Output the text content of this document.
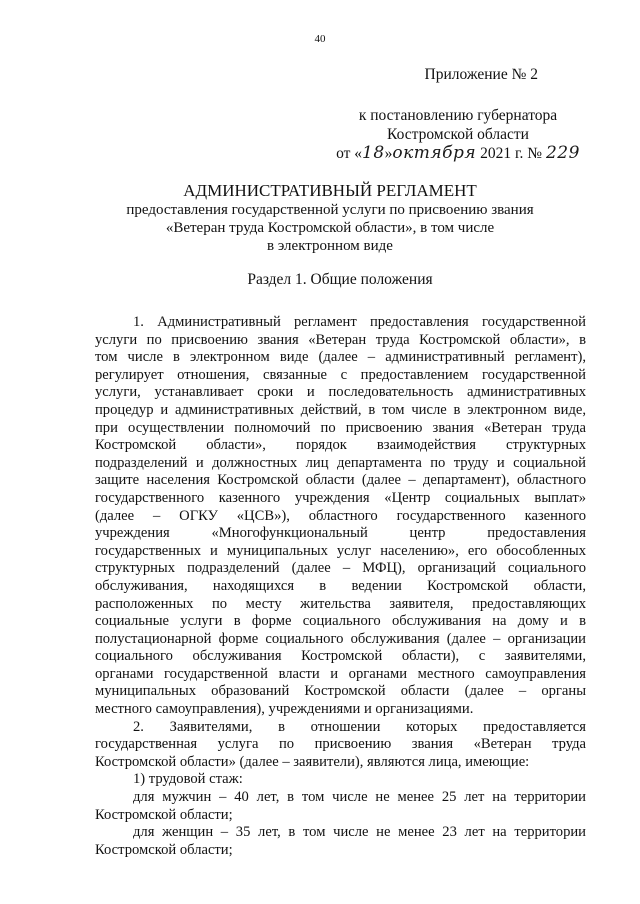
40
Приложение № 2
к постановлению губернатора
Костромской области
от «18»октября 2021 г. № 229
АДМИНИСТРАТИВНЫЙ РЕГЛАМЕНТ
предоставления государственной услуги по присвоению звания
«Ветеран труда Костромской области», в том числе
в электронном виде
Раздел 1. Общие положения
1. Административный регламент предоставления государственной
услуги по присвоению звания «Ветеран труда Костромской области», в
том числе в электронном виде (далее – административный регламент),
регулирует отношения, связанные с предоставлением государственной
услуги, устанавливает сроки и последовательность административных
процедур и административных действий, в том числе в электронном виде,
при осуществлении полномочий по присвоению звания «Ветеран труда
Костромской области», порядок взаимодействия структурных
подразделений и должностных лиц департамента по труду и социальной
защите населения Костромской области (далее – департамент), областного
государственного казенного учреждения «Центр социальных выплат»
(далее – ОГКУ «ЦСВ»), областного государственного казенного
учреждения «Многофункциональный центр предоставления
государственных и муниципальных услуг населению», его обособленных
структурных подразделений (далее – МФЦ), организаций социального
обслуживания, находящихся в ведении Костромской области,
расположенных по месту жительства заявителя, предоставляющих
социальные услуги в форме социального обслуживания на дому и в
полустационарной форме социального обслуживания (далее – организации
социального обслуживания Костромской области), с заявителями,
органами государственной власти и органами местного самоуправления
муниципальных образований Костромской области (далее – органы
местного самоуправления), учреждениями и организациями.
2. Заявителями, в отношении которых предоставляется
государственная услуга по присвоению звания «Ветеран труда
Костромской области» (далее – заявители), являются лица, имеющие:
1) трудовой стаж:
для мужчин – 40 лет, в том числе не менее 25 лет на территории
Костромской области;
для женщин – 35 лет, в том числе не менее 23 лет на территории
Костромской области;
